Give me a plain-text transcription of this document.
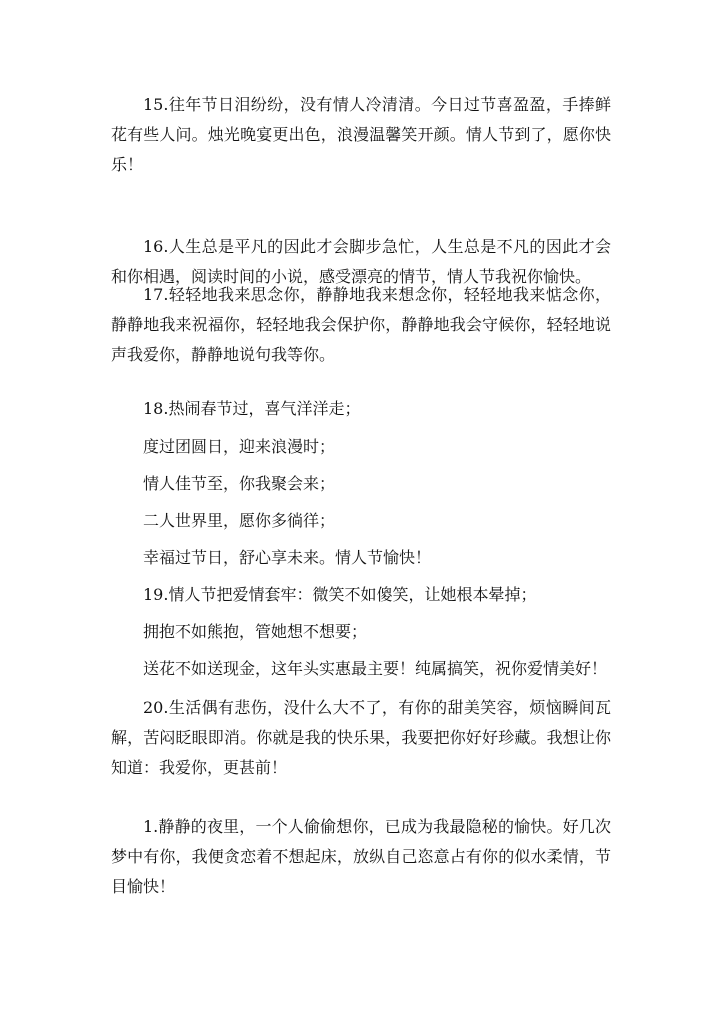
15.往年节日泪纷纷，没有情人冷清清。今日过节喜盈盈，手捧鲜花有些人问。烛光晚宴更出色，浪漫温馨笑开颜。情人节到了，愿你快乐！

16.人生总是平凡的因此才会脚步急忙，人生总是不凡的因此才会和你相遇，阅读时间的小说，感受漂亮的情节，情人节我祝你愉快。

17.轻轻地我来思念你，静静地我来想念你，轻轻地我来惦念你，静静地我来祝福你，轻轻地我会保护你，静静地我会守候你，轻轻地说声我爱你，静静地说句我等你。

18.热闹春节过，喜气洋洋走；

度过团圆日，迎来浪漫时；

情人佳节至，你我聚会来；

二人世界里，愿你多徜徉；

幸福过节日，舒心享未来。情人节愉快！

19.情人节把爱情套牢：微笑不如傻笑，让她根本晕掉；

拥抱不如熊抱，管她想不想要；

送花不如送现金，这年头实惠最主要！纯属搞笑，祝你爱情美好！

20.生活偶有悲伤，没什么大不了，有你的甜美笑容，烦恼瞬间瓦解，苦闷眨眼即消。你就是我的快乐果，我要把你好好珍藏。我想让你知道：我爱你，更甚前！

1.静静的夜里，一个人偷偷想你，已成为我最隐秘的愉快。好几次梦中有你，我便贪恋着不想起床，放纵自己恣意占有你的似水柔情，节目愉快！
